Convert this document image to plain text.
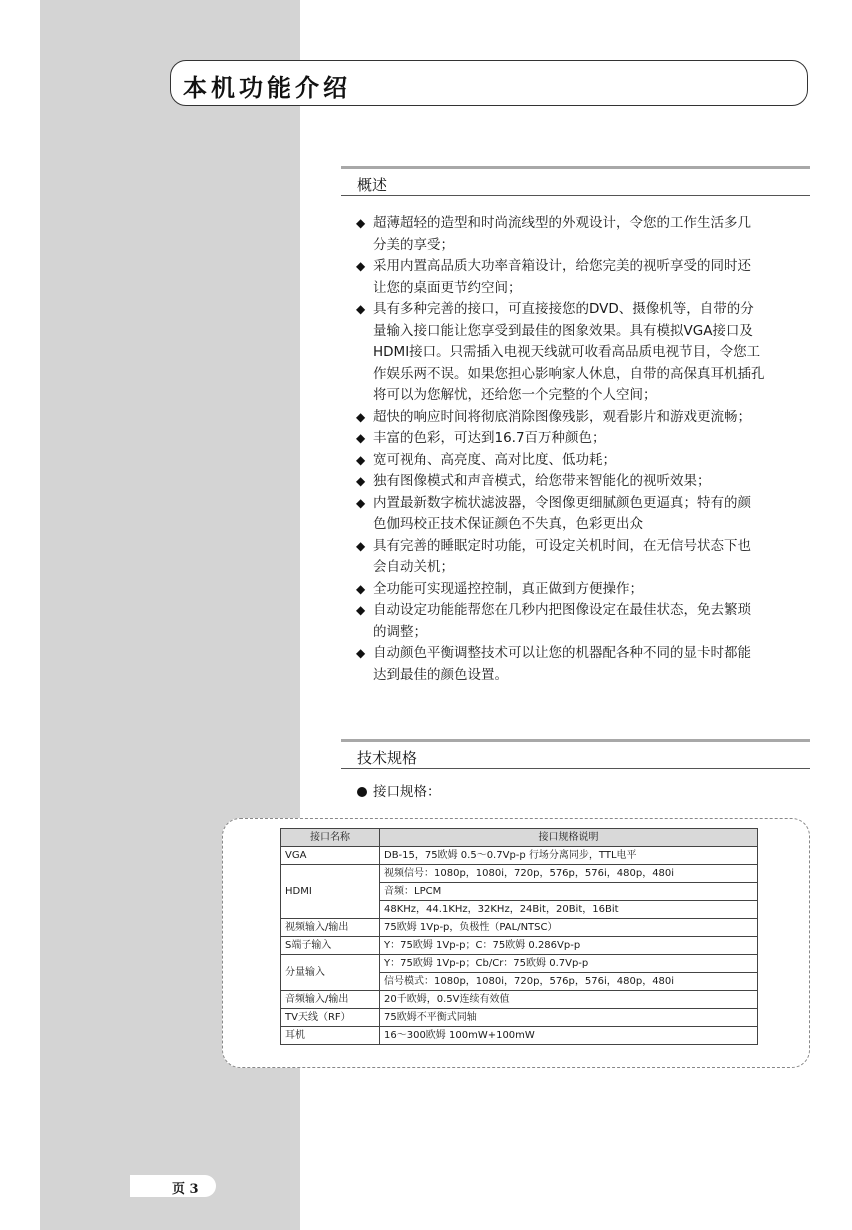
本机功能介绍
概述
◆ 超薄超轻的造型和时尚流线型的外观设计，令您的工作生活多几
分美的享受；
◆ 采用内置高品质大功率音箱设计，给您完美的视听享受的同时还
让您的桌面更节约空间；
◆ 具有多种完善的接口，可直接接您的DVD、摄像机等，自带的分
量输入接口能让您享受到最佳的图象效果。具有模拟VGA接口及
HDMI接口。只需插入电视天线就可收看高品质电视节目，令您工
作娱乐两不误。如果您担心影响家人休息，自带的高保真耳机插孔
将可以为您解忧，还给您一个完整的个人空间；
◆ 超快的响应时间将彻底消除图像残影，观看影片和游戏更流畅；
◆ 丰富的色彩，可达到16.7百万种颜色；
◆ 宽可视角、高亮度、高对比度、低功耗；
◆ 独有图像模式和声音模式，给您带来智能化的视听效果；
◆ 内置最新数字梳状滤波器，令图像更细腻颜色更逼真；特有的颜
色伽玛校正技术保证颜色不失真，色彩更出众
◆ 具有完善的睡眠定时功能，可设定关机时间，在无信号状态下也
会自动关机；
◆ 全功能可实现遥控控制，真正做到方便操作；
◆ 自动设定功能能帮您在几秒内把图像设定在最佳状态，免去繁琐
的调整；
◆ 自动颜色平衡调整技术可以让您的机器配各种不同的显卡时都能
达到最佳的颜色设置。
技术规格
接口规格：
接口名称	接口规格说明
VGA	DB-15，75欧姆 0.5～0.7Vp-p 行场分离同步，TTL电平
HDMI	视频信号：1080p，1080i，720p，576p，576i，480p，480i
	音频：LPCM
	48KHz，44.1KHz，32KHz，24Bit，20Bit，16Bit
视频输入/输出	75欧姆 1Vp-p，负极性（PAL/NTSC）
S端子输入	Y：75欧姆 1Vp-p；C：75欧姆 0.286Vp-p
分量输入	Y：75欧姆 1Vp-p；Cb/Cr：75欧姆 0.7Vp-p
	信号模式：1080p，1080i，720p，576p，576i，480p，480i
音频输入/输出	20千欧姆，0.5V连续有效值
TV天线（RF）	75欧姆不平衡式同轴
耳机	16～300欧姆 100mW+100mW
页 3
